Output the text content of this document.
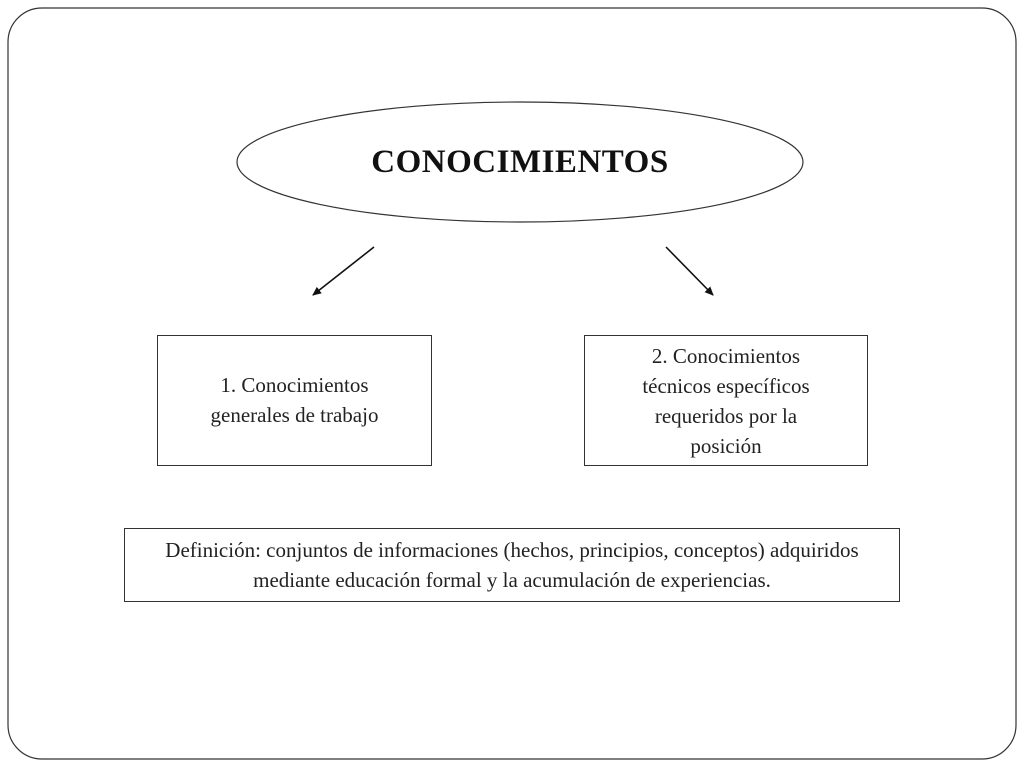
CONOCIMIENTOS
1. Conocimientos generales de trabajo
2. Conocimientos técnicos específicos requeridos por la posición
Definición: conjuntos de informaciones (hechos, principios, conceptos) adquiridos mediante educación formal y la acumulación de experiencias.
